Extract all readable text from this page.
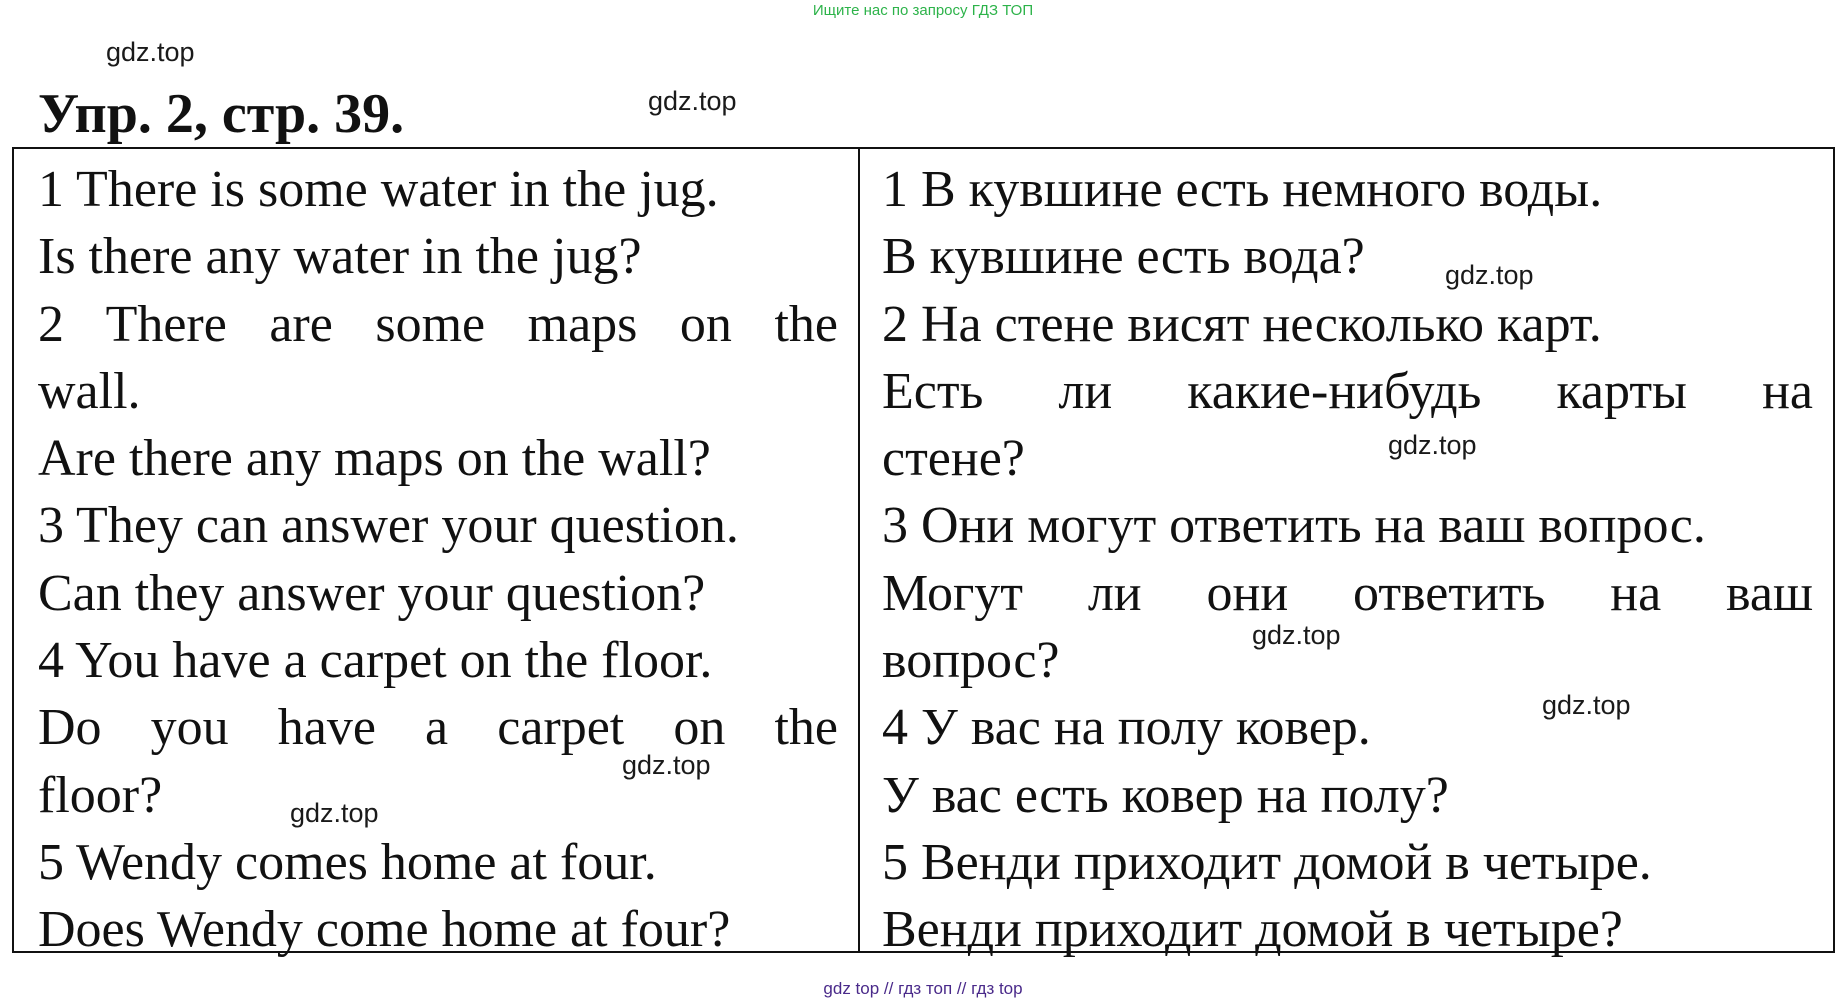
Ищите нас по запросу ГДЗ ТОП
gdz.top
gdz.top
Упр. 2, стр. 39.
1 There is some water in the jug.
Is there any water in the jug?
2 There are some maps on the
wall.
Are there any maps on the wall?
3 They can answer your question.
Can they answer your question?
4 You have a carpet on the floor.
Do you have a carpet on the
floor?
5 Wendy comes home at four.
Does Wendy come home at four?
1 В кувшине есть немного воды.
В кувшине есть вода?
2 На стене висят несколько карт.
Есть ли какие-нибудь карты на
стене?
3 Они могут ответить на ваш вопрос.
Могут ли они ответить на ваш
вопрос?
4 У вас на полу ковер.
У вас есть ковер на полу?
5 Венди приходит домой в четыре.
Венди приходит домой в четыре?
gdz.top
gdz.top
gdz.top
gdz.top
gdz.top
gdz.top
gdz top // гдз топ // гдз top
